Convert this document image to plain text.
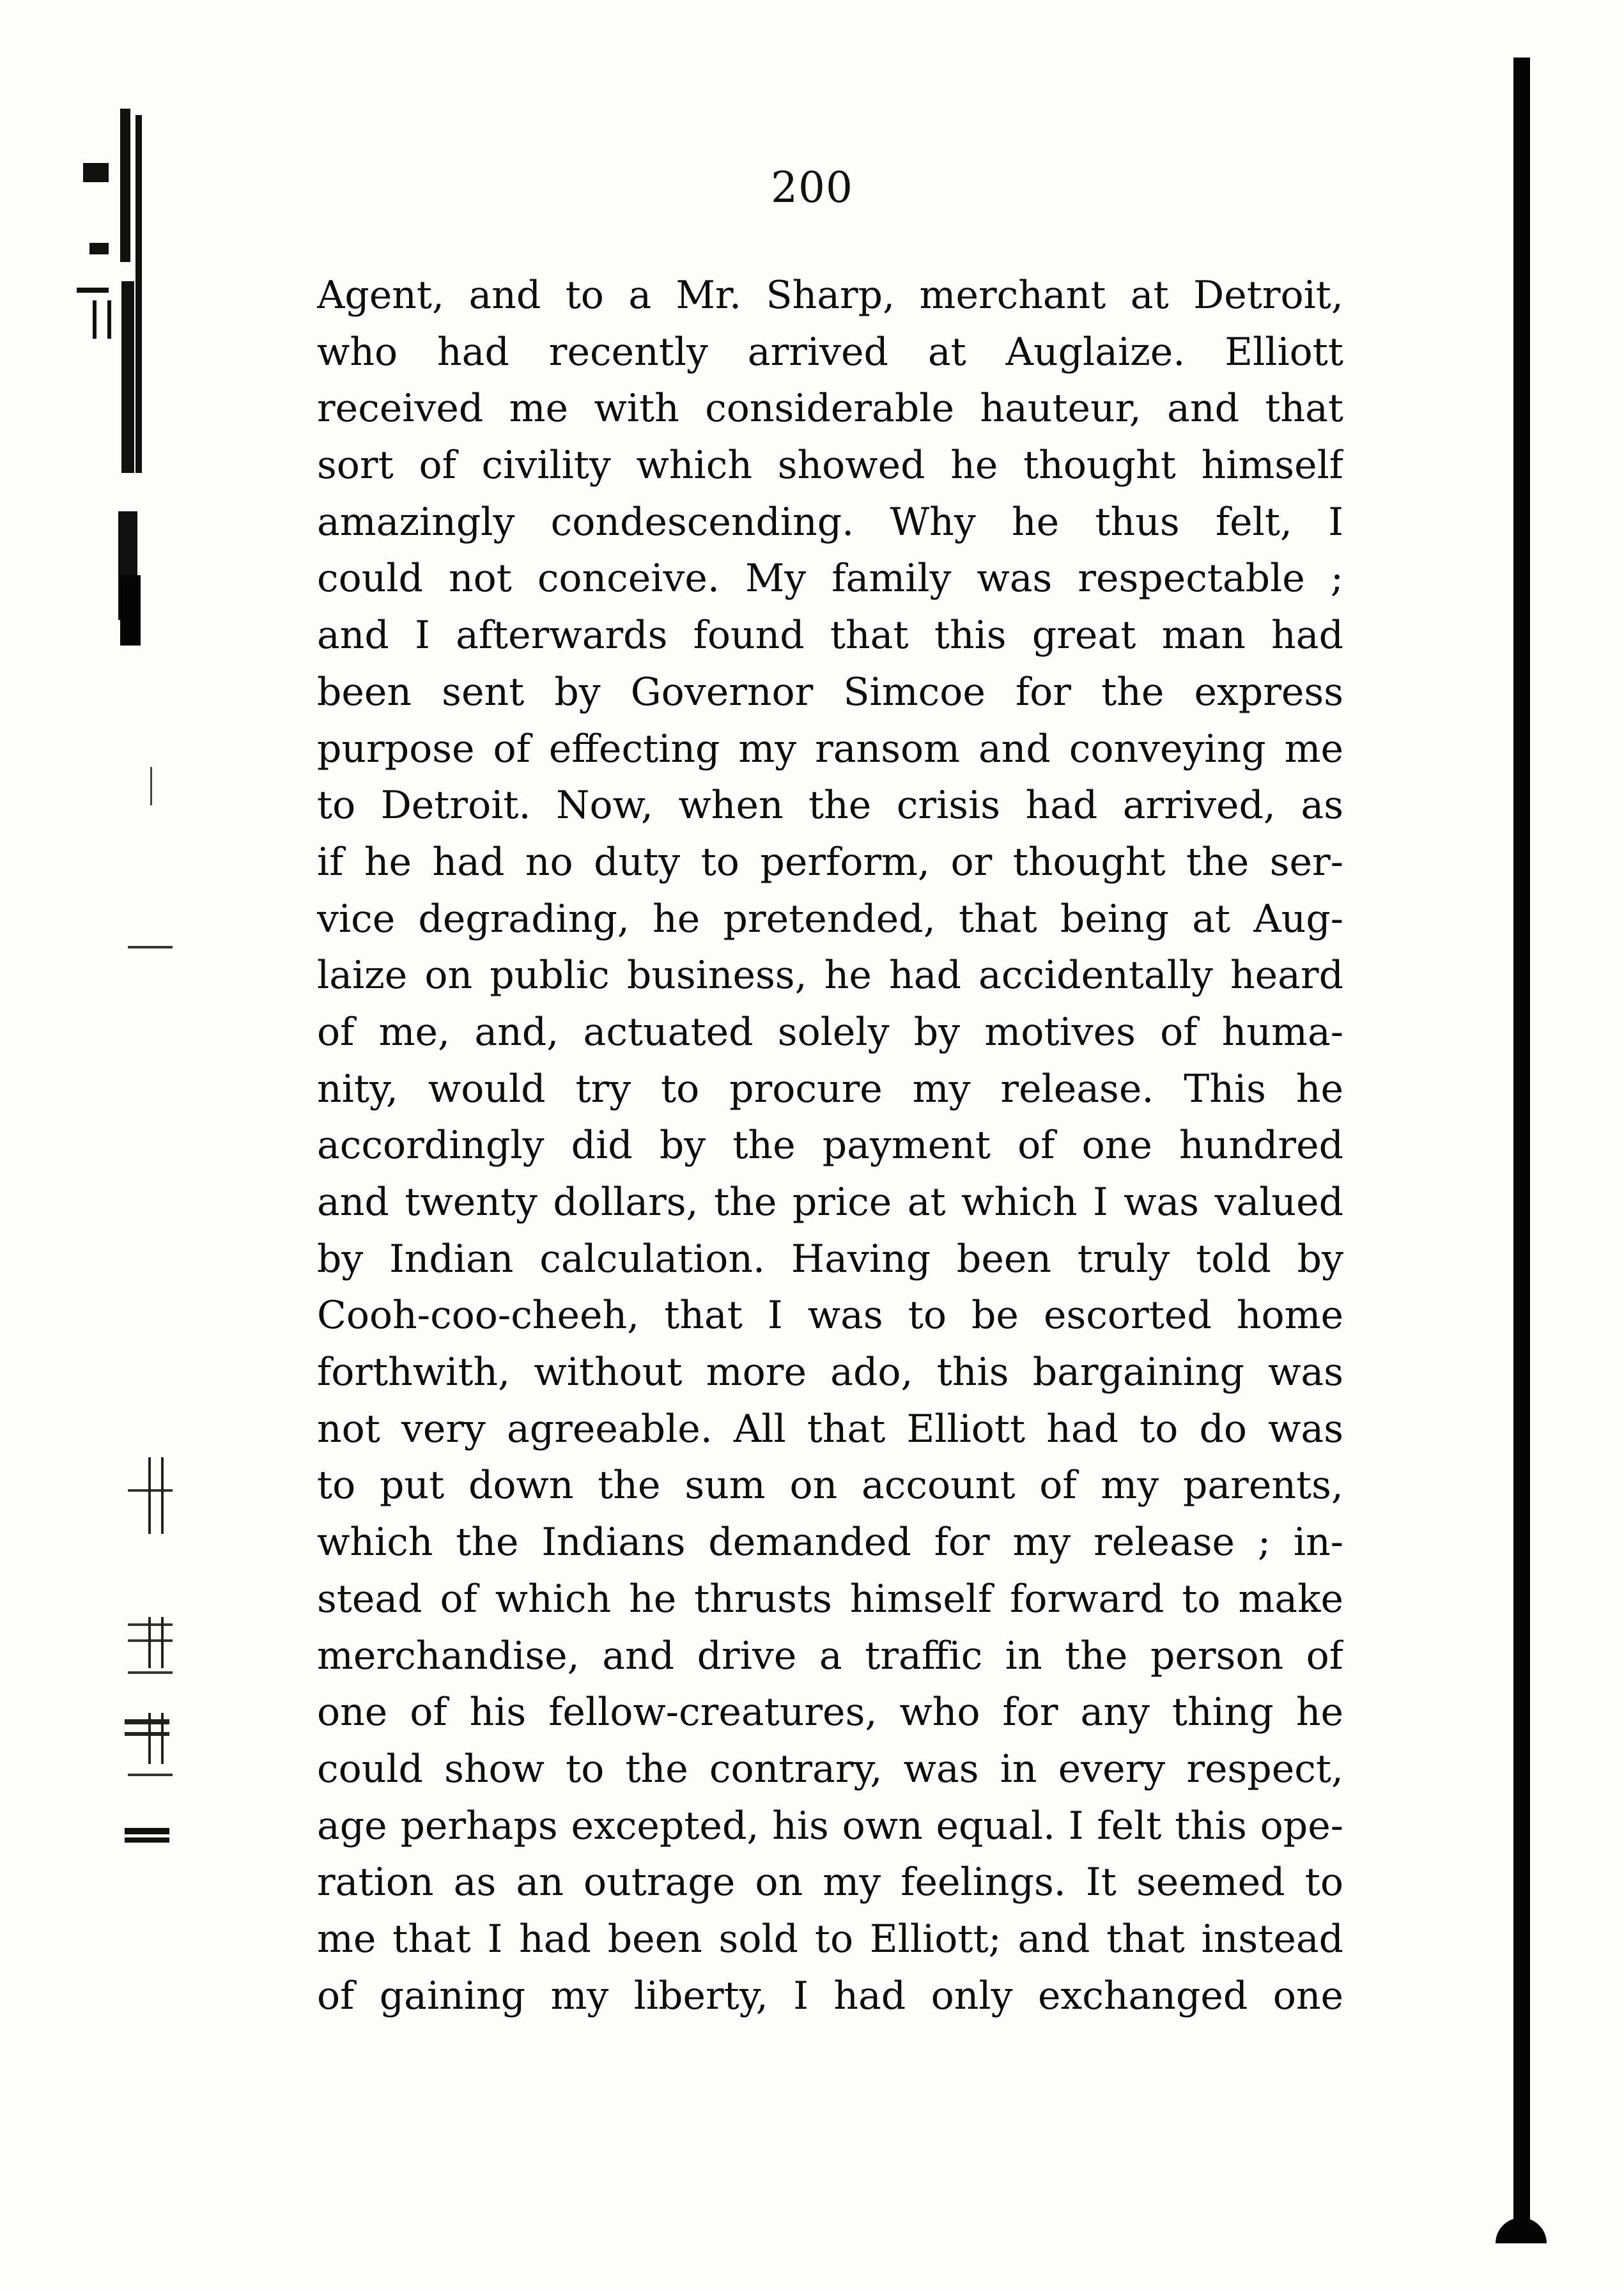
200
Agent, and to a Mr. Sharp, merchant at Detroit,
who had recently arrived at Auglaize. Elliott
received me with considerable hauteur, and that
sort of civility which showed he thought himself
amazingly condescending. Why he thus felt, I
could not conceive. My family was respectable ;
and I afterwards found that this great man had
been sent by Governor Simcoe for the express
purpose of effecting my ransom and conveying me
to Detroit. Now, when the crisis had arrived, as
if he had no duty to perform, or thought the ser-
vice degrading, he pretended, that being at Aug-
laize on public business, he had accidentally heard
of me, and, actuated solely by motives of huma-
nity, would try to procure my release. This he
accordingly did by the payment of one hundred
and twenty dollars, the price at which I was valued
by Indian calculation. Having been truly told by
Cooh-coo-cheeh, that I was to be escorted home
forthwith, without more ado, this bargaining was
not very agreeable. All that Elliott had to do was
to put down the sum on account of my parents,
which the Indians demanded for my release ; in-
stead of which he thrusts himself forward to make
merchandise, and drive a traffic in the person of
one of his fellow-creatures, who for any thing he
could show to the contrary, was in every respect,
age perhaps excepted, his own equal. I felt this ope-
ration as an outrage on my feelings. It seemed to
me that I had been sold to Elliott; and that instead
of gaining my liberty, I had only exchanged one
